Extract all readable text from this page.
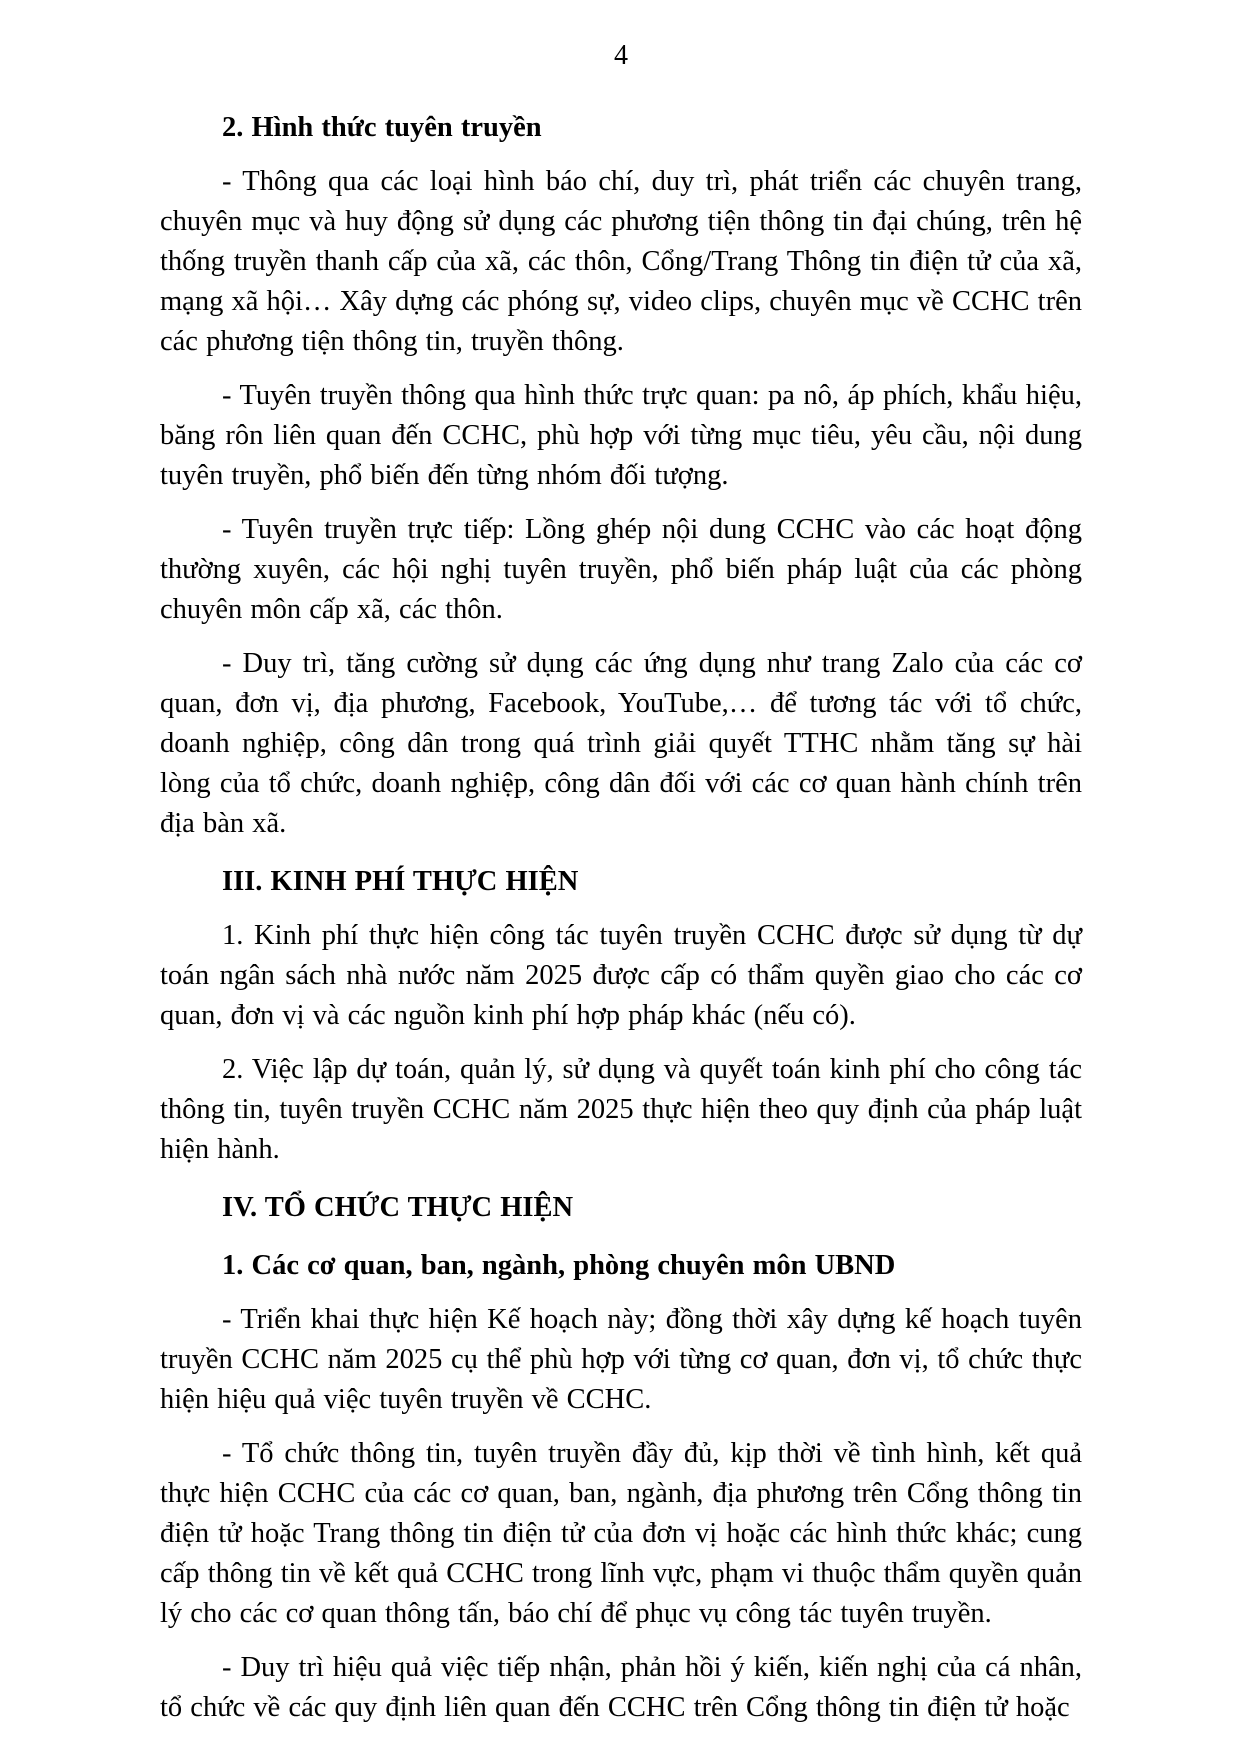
4

2. Hình thức tuyên truyền

- Thông qua các loại hình báo chí, duy trì, phát triển các chuyên trang, chuyên mục và huy động sử dụng các phương tiện thông tin đại chúng, trên hệ thống truyền thanh cấp của xã, các thôn, Cổng/Trang Thông tin điện tử của xã, mạng xã hội… Xây dựng các phóng sự, video clips, chuyên mục về CCHC trên các phương tiện thông tin, truyền thông.

- Tuyên truyền thông qua hình thức trực quan: pa nô, áp phích, khẩu hiệu, băng rôn liên quan đến CCHC, phù hợp với từng mục tiêu, yêu cầu, nội dung tuyên truyền, phổ biến đến từng nhóm đối tượng.

- Tuyên truyền trực tiếp: Lồng ghép nội dung CCHC vào các hoạt động thường xuyên, các hội nghị tuyên truyền, phổ biến pháp luật của các phòng chuyên môn cấp xã, các thôn.

- Duy trì, tăng cường sử dụng các ứng dụng như trang Zalo của các cơ quan, đơn vị, địa phương, Facebook, YouTube,… để tương tác với tổ chức, doanh nghiệp, công dân trong quá trình giải quyết TTHC nhằm tăng sự hài lòng của tổ chức, doanh nghiệp, công dân đối với các cơ quan hành chính trên địa bàn xã.

III. KINH PHÍ THỰC HIỆN

1. Kinh phí thực hiện công tác tuyên truyền CCHC được sử dụng từ dự toán ngân sách nhà nước năm 2025 được cấp có thẩm quyền giao cho các cơ quan, đơn vị và các nguồn kinh phí hợp pháp khác (nếu có).

2. Việc lập dự toán, quản lý, sử dụng và quyết toán kinh phí cho công tác thông tin, tuyên truyền CCHC năm 2025 thực hiện theo quy định của pháp luật hiện hành.

IV. TỔ CHỨC THỰC HIỆN

1. Các cơ quan, ban, ngành, phòng chuyên môn UBND

- Triển khai thực hiện Kế hoạch này; đồng thời xây dựng kế hoạch tuyên truyền CCHC năm 2025 cụ thể phù hợp với từng cơ quan, đơn vị, tổ chức thực hiện hiệu quả việc tuyên truyền về CCHC.

- Tổ chức thông tin, tuyên truyền đầy đủ, kịp thời về tình hình, kết quả thực hiện CCHC của các cơ quan, ban, ngành, địa phương trên Cổng thông tin điện tử hoặc Trang thông tin điện tử của đơn vị hoặc các hình thức khác; cung cấp thông tin về kết quả CCHC trong lĩnh vực, phạm vi thuộc thẩm quyền quản lý cho các cơ quan thông tấn, báo chí để phục vụ công tác tuyên truyền.

- Duy trì hiệu quả việc tiếp nhận, phản hồi ý kiến, kiến nghị của cá nhân, tổ chức về các quy định liên quan đến CCHC trên Cổng thông tin điện tử hoặc
